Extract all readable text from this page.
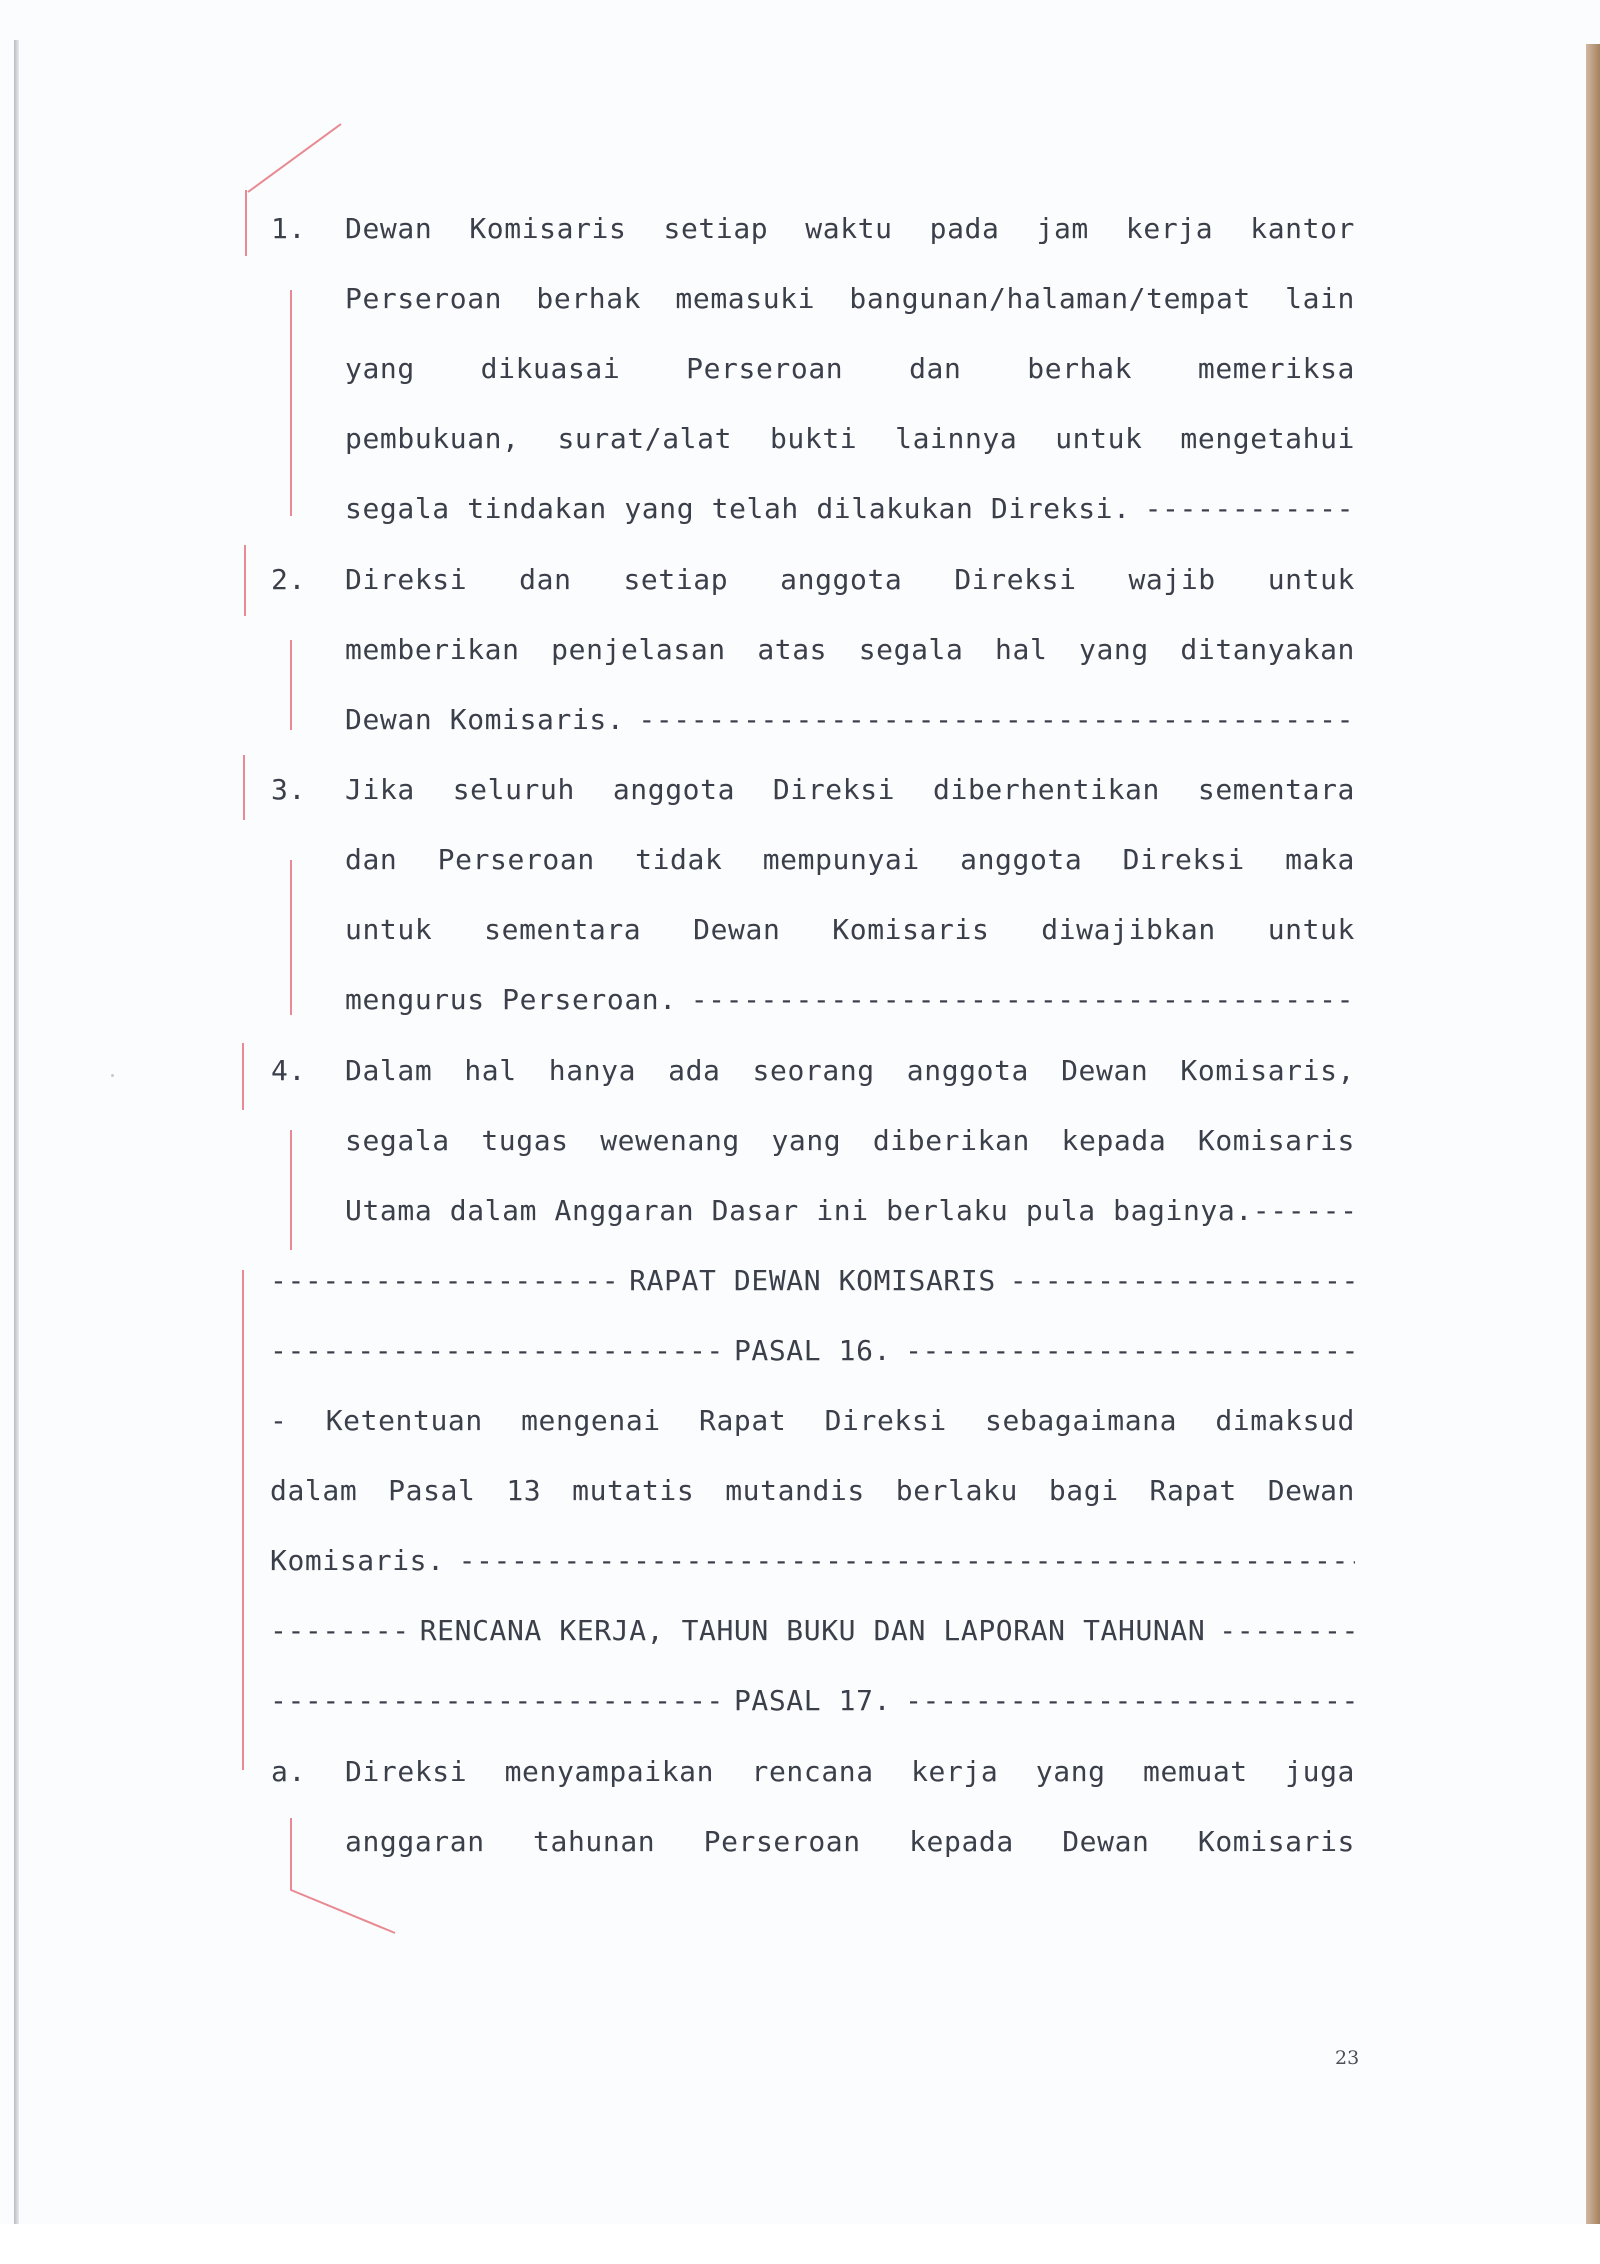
1. Dewan Komisaris setiap waktu pada jam kerja kantor
Perseroan berhak memasuki bangunan/halaman/tempat lain
yang dikuasai Perseroan dan berhak memeriksa
pembukuan, surat/alat bukti lainnya untuk mengetahui
segala tindakan yang telah dilakukan Direksi.
-----
2. Direksi dan setiap anggota Direksi wajib untuk
memberikan penjelasan atas segala hal yang ditanyakan
Dewan Komisaris.
-----
3. Jika seluruh anggota Direksi diberhentikan sementara
dan Perseroan tidak mempunyai anggota Direksi maka
untuk sementara Dewan Komisaris diwajibkan untuk
mengurus Perseroan.
-----
4. Dalam hal hanya ada seorang anggota Dewan Komisaris,
segala tugas wewenang yang diberikan kepada Komisaris
Utama dalam Anggaran Dasar ini berlaku pula baginya.
-----
-----
RAPAT DEWAN KOMISARIS
-----
-----
PASAL 16.
-----
- Ketentuan mengenai Rapat Direksi sebagaimana dimaksud
dalam Pasal 13 mutatis mutandis berlaku bagi Rapat Dewan
Komisaris.
-----
-----
RENCANA KERJA, TAHUN BUKU DAN LAPORAN TAHUNAN
-----
-----
PASAL 17.
-----
a. Direksi menyampaikan rencana kerja yang memuat juga
anggaran tahunan Perseroan kepada Dewan Komisaris
23
